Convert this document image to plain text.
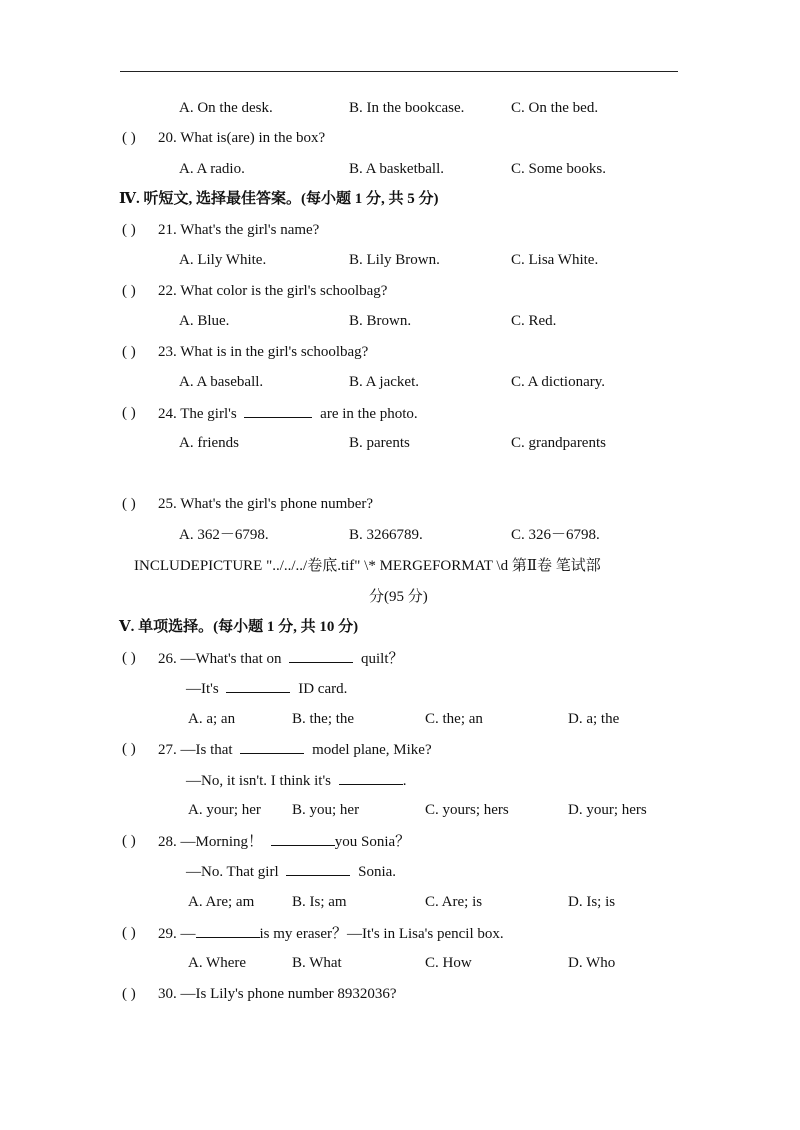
A. On the desk.	B. In the bookcase.	C. On the bed.
( ) 20. What is(are) in the box?
A. A radio.	B. A basketball.	C. Some books.
Ⅳ. 听短文, 选择最佳答案。(每小题 1 分, 共 5 分)
( ) 21. What's the girl's name?
A. Lily White.	B. Lily Brown.	C. Lisa White.
( ) 22. What color is the girl's schoolbag?
A. Blue.	B. Brown.	C. Red.
( ) 23. What is in the girl's schoolbag?
A. A baseball.	B. A jacket.	C. A dictionary.
( ) 24. The girl's	are in the photo.
A. friends	B. parents	C. grandparents
( ) 25. What's the girl's phone number?
A. 362－6798.	B. 3266789.	C. 326－6798.
INCLUDEPICTURE "../../../卷底.tif" \* MERGEFORMAT \d 第Ⅱ卷 笔试部
分(95 分)
Ⅴ. 单项选择。(每小题 1 分, 共 10 分)
( ) 26. —What's that on	quilt？
—It's	ID card.
A. a; an	B. the; the	C. the; an	D. a; the
( ) 27. —Is that	model plane, Mike?
—No, it isn't. I think it's	.
A. your; her B. you; her	C. yours; hers	D. your; hers
( ) 28. —Morning！	you Sonia？
—No. That girl	Sonia.
A. Are; am	B. Is; am	C. Are; is	D. Is; is
( ) 29. —	is my eraser？—It's in Lisa's pencil box.
A. Where	B. What	C. How	D. Who
( ) 30. —Is Lily's phone number 8932036?
